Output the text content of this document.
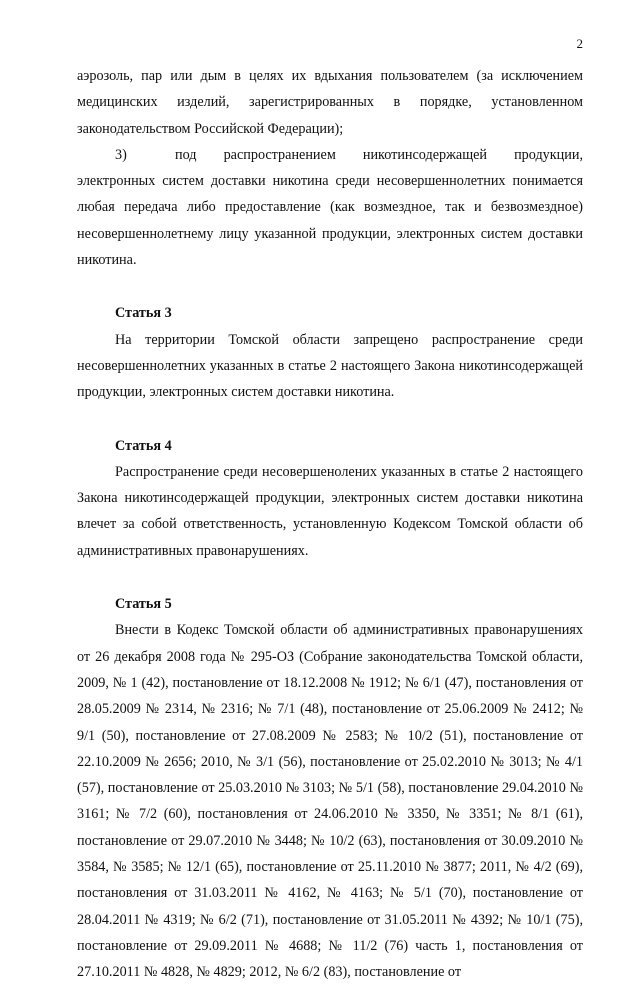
2

аэрозоль, пар или дым в целях их вдыхания пользователем (за исключением медицинских изделий, зарегистрированных в порядке, установленном законодательством Российской Федерации);

3)	под распространением никотинсодержащей продукции, электронных систем доставки никотина среди несовершеннолетних понимается любая передача либо предоставление (как возмездное, так и безвозмездное) несовершеннолетнему лицу указанной продукции, электронных систем доставки никотина.

Статья 3

На территории Томской области запрещено распространение среди несовершеннолетних указанных в статье 2 настоящего Закона никотинсодержащей продукции, электронных систем доставки никотина.

Статья 4

Распространение среди несовершенолених указанных в статье 2 настоящего Закона никотинсодержащей продукции, электронных систем доставки никотина влечет за собой ответственность, установленную Кодексом Томской области об административных правонарушениях.

Статья 5

Внести в Кодекс Томской области об административных правонарушениях от 26 декабря 2008 года № 295-ОЗ (Собрание законодательства Томской области, 2009, № 1 (42), постановление от 18.12.2008 № 1912; № 6/1 (47), постановления от 28.05.2009 № 2314, № 2316; № 7/1 (48), постановление от 25.06.2009 № 2412; № 9/1 (50), постановление от 27.08.2009 № 2583; № 10/2 (51), постановление от 22.10.2009 № 2656; 2010, № 3/1 (56), постановление от 25.02.2010 № 3013; № 4/1 (57), постановление от 25.03.2010 № 3103; № 5/1 (58), постановление 29.04.2010 № 3161; № 7/2 (60), постановления от 24.06.2010 № 3350, № 3351; № 8/1 (61), постановление от 29.07.2010 № 3448; № 10/2 (63), постановления от 30.09.2010 № 3584, № 3585; № 12/1 (65), постановление от 25.11.2010 № 3877; 2011, № 4/2 (69), постановления от 31.03.2011 № 4162, № 4163; № 5/1 (70), постановление от 28.04.2011 № 4319; № 6/2 (71), постановление от 31.05.2011 № 4392; № 10/1 (75), постановление от 29.09.2011 № 4688; № 11/2 (76) часть 1, постановления от 27.10.2011 № 4828, № 4829; 2012, № 6/2 (83), постановление от
